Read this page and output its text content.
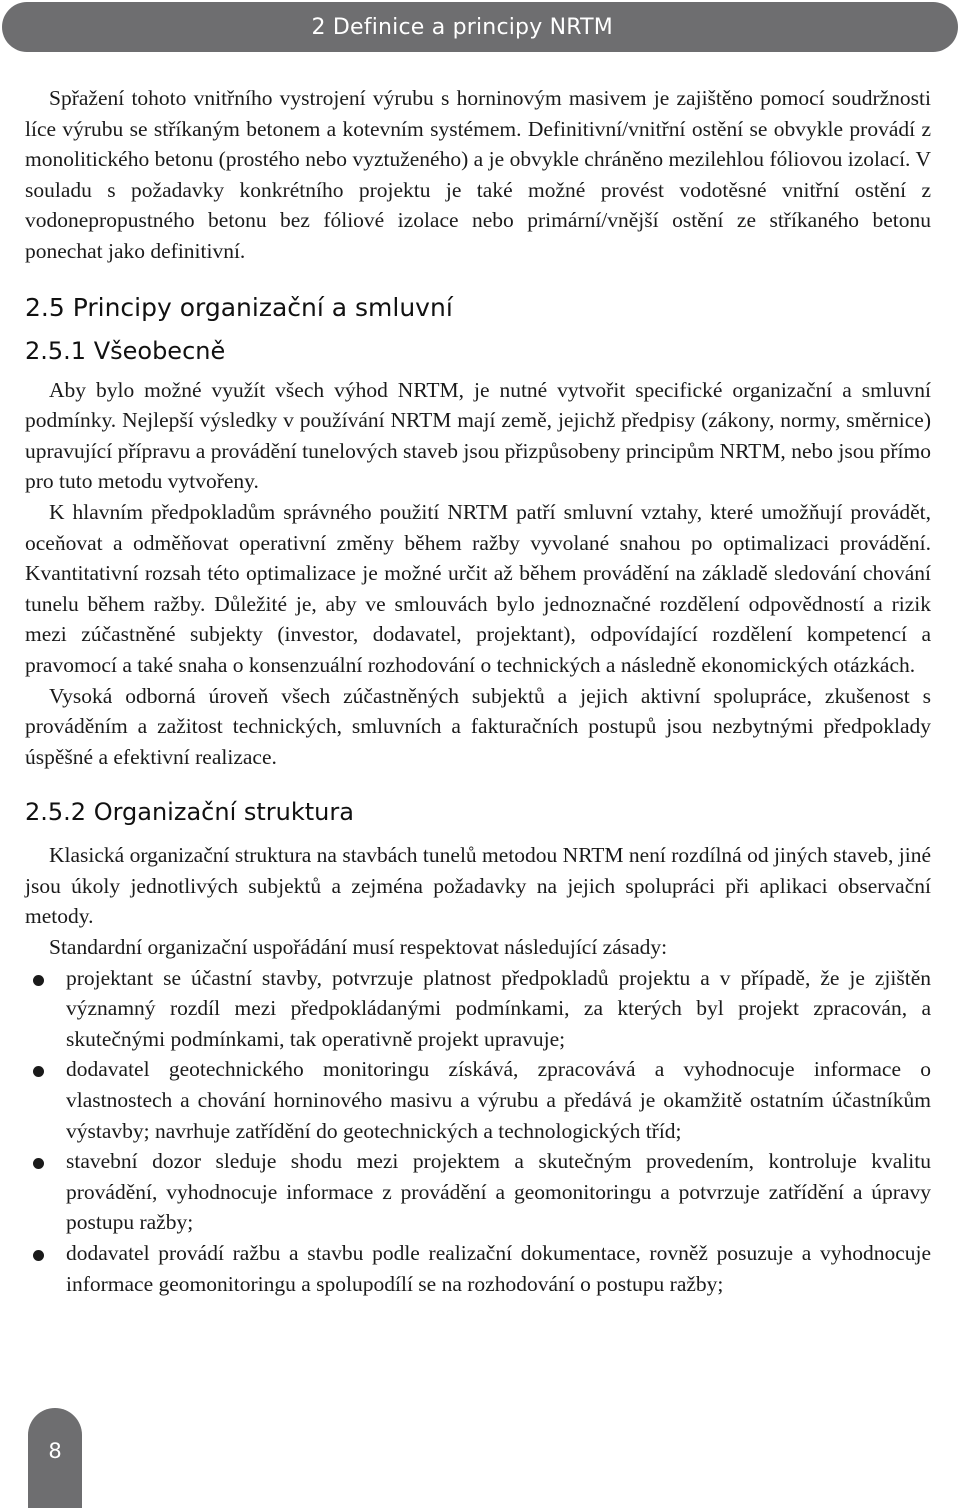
2 Definice a principy NRTM

Spřažení tohoto vnitřního vystrojení výrubu s horninovým masivem je zajištěno pomocí soudržnosti líce výrubu se stříkaným betonem a kotevním systémem. Definitivní/vnitřní ostění se obvykle provádí z monolitického betonu (prostého nebo vyztuženého) a je obvykle chráněno mezilehlou fóliovou izolací. V souladu s požadavky konkrétního projektu je také možné provést vodotěsné vnitřní ostění z vodonepropustného betonu bez fóliové izolace nebo primární/vnější ostění ze stříkaného betonu ponechat jako definitivní.

2.5 Principy organizační a smluvní
2.5.1 Všeobecně

Aby bylo možné využít všech výhod NRTM, je nutné vytvořit specifické organizační a smluvní podmínky. Nejlepší výsledky v používání NRTM mají země, jejichž předpisy (zákony, normy, směrnice) upravující přípravu a provádění tunelových staveb jsou přizpůsobeny principům NRTM, nebo jsou přímo pro tuto metodu vytvořeny.

K hlavním předpokladům správného použití NRTM patří smluvní vztahy, které umožňují provádět, oceňovat a odměňovat operativní změny během ražby vyvolané snahou po optimalizaci provádění. Kvantitativní rozsah této optimalizace je možné určit až během provádění na základě sledování chování tunelu během ražby. Důležité je, aby ve smlouvách bylo jednoznačné rozdělení odpovědností a rizik mezi zúčastněné subjekty (investor, dodavatel, projektant), odpovídající rozdělení kompetencí a pravomocí a také snaha o konsenzuální rozhodování o technických a následně ekonomických otázkách.

Vysoká odborná úroveň všech zúčastněných subjektů a jejich aktivní spolupráce, zkušenost s prováděním a zažitost technických, smluvních a fakturačních postupů jsou nezbytnými předpoklady úspěšné a efektivní realizace.

2.5.2 Organizační struktura

Klasická organizační struktura na stavbách tunelů metodou NRTM není rozdílná od jiných staveb, jiné jsou úkoly jednotlivých subjektů a zejména požadavky na jejich spolupráci při aplikaci observační metody.

Standardní organizační uspořádání musí respektovat následující zásady:

projektant se účastní stavby, potvrzuje platnost předpokladů projektu a v případě, že je zjištěn významný rozdíl mezi předpokládanými podmínkami, za kterých byl projekt zpracován, a skutečnými podmínkami, tak operativně projekt upravuje;
dodavatel geotechnického monitoringu získává, zpracovává a vyhodnocuje informace o vlastnostech a chování horninového masivu a výrubu a předává je okamžitě ostatním účastníkům výstavby; navrhuje zatřídění do geotechnických a technologických tříd;
stavební dozor sleduje shodu mezi projektem a skutečným provedením, kontroluje kvalitu provádění, vyhodnocuje informace z provádění a geomonitoringu a potvrzuje zatřídění a úpravy postupu ražby;
dodavatel provádí ražbu a stavbu podle realizační dokumentace, rovněž posuzuje a vyhodnocuje informace geomonitoringu a spolupodílí se na rozhodování o postupu ražby;
8
